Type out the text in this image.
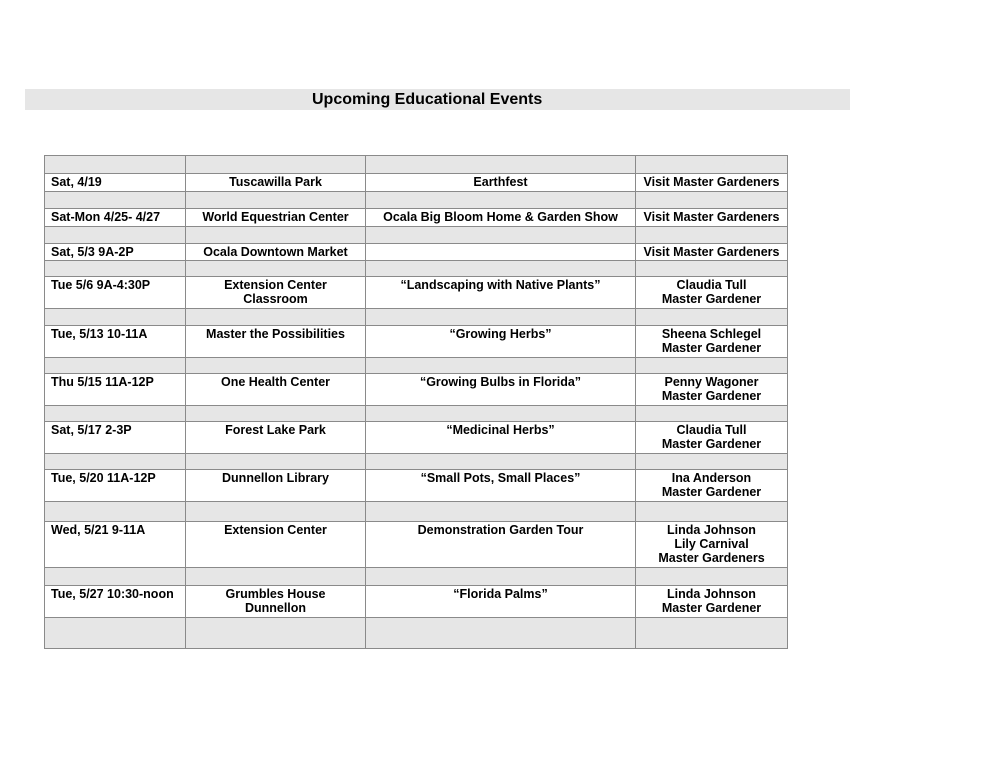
Upcoming Educational Events

Sat, 4/19	Tuscawilla Park	Earthfest	Visit Master Gardeners

Sat-Mon 4/25- 4/27	World Equestrian Center	Ocala Big Bloom Home & Garden Show	Visit Master Gardeners

Sat, 5/3 9A-2P	Ocala Downtown Market		Visit Master Gardeners

Tue 5/6 9A-4:30P	Extension Center
Classroom	“Landscaping with Native Plants”	Claudia Tull
Master Gardener

Tue, 5/13 10-11A	Master the Possibilities	“Growing Herbs”	Sheena Schlegel
Master Gardener

Thu 5/15 11A-12P	One Health Center	“Growing Bulbs in Florida”	Penny Wagoner
Master Gardener

Sat, 5/17 2-3P	Forest Lake Park	“Medicinal Herbs”	Claudia Tull
Master Gardener

Tue, 5/20 11A-12P	Dunnellon Library	“Small Pots, Small Places”	Ina Anderson
Master Gardener

Wed, 5/21 9-11A	Extension Center	Demonstration Garden Tour	Linda Johnson
Lily Carnival
Master Gardeners

Tue, 5/27 10:30-noon	Grumbles House
Dunnellon	“Florida Palms”	Linda Johnson
Master Gardener
